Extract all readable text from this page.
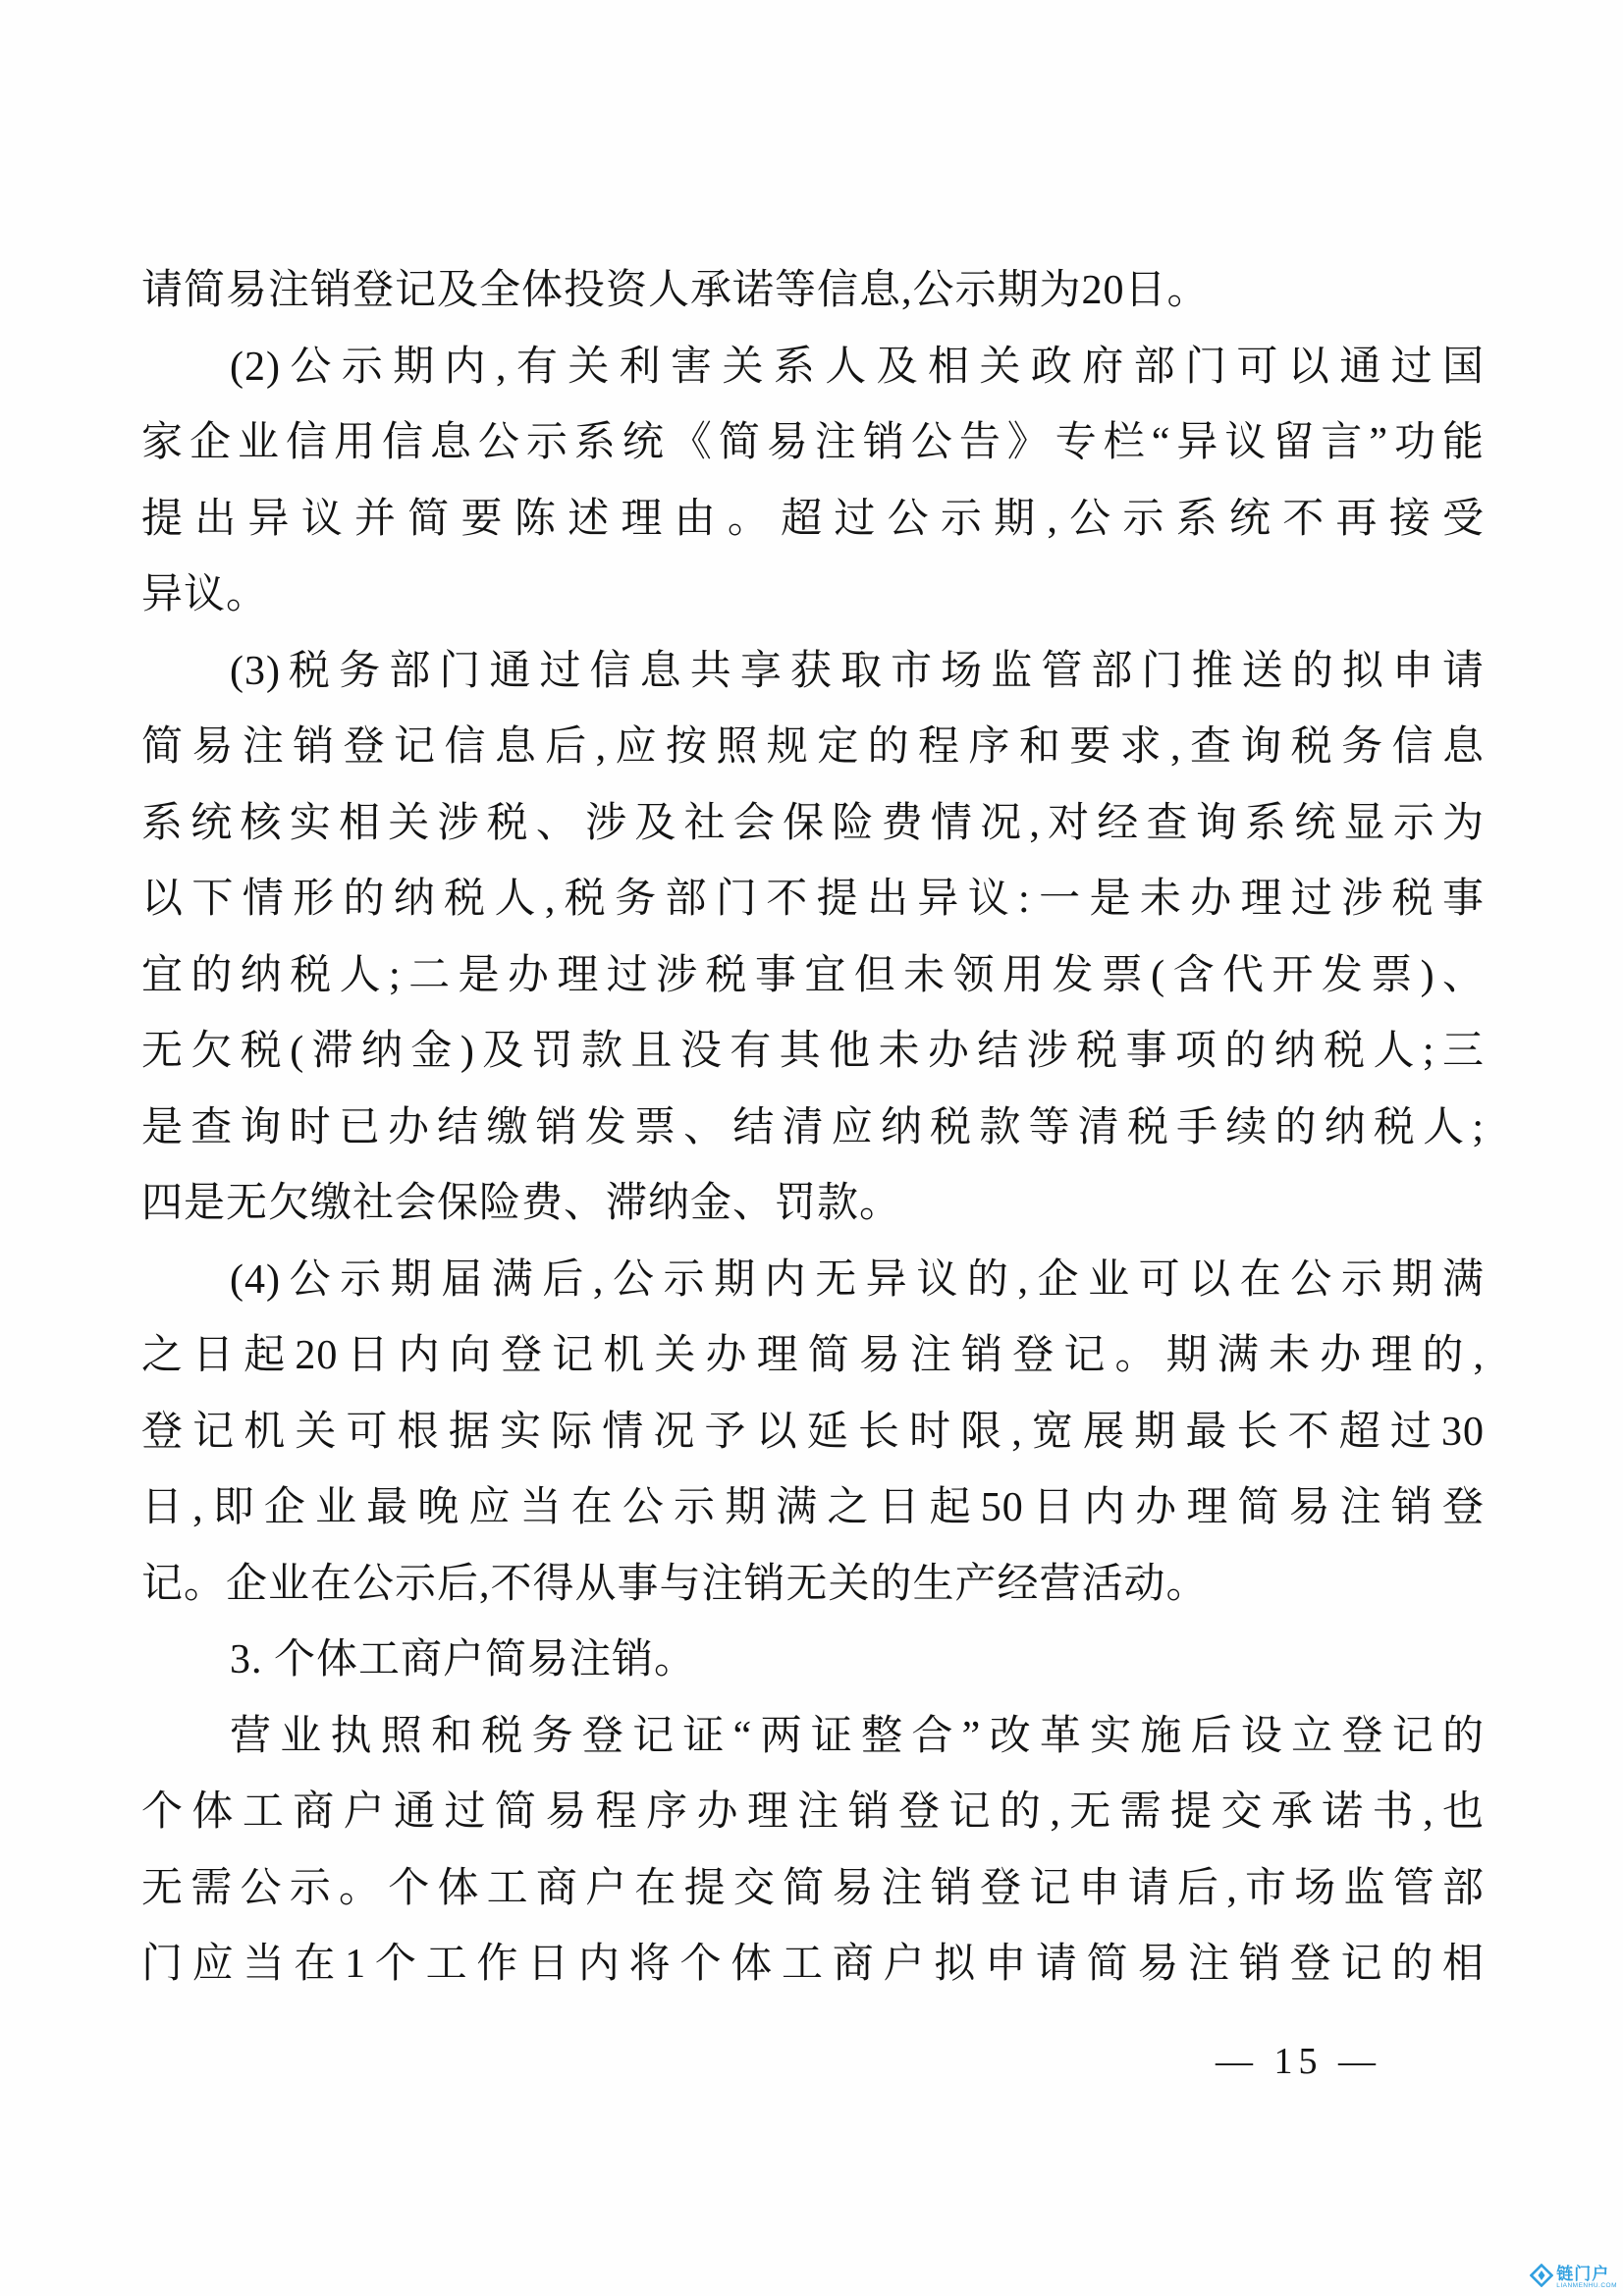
请简易注销登记及全体投资人承诺等信息,公示期为20日。
(2)公示期内,有关利害关系人及相关政府部门可以通过国
家企业信用信息公示系统《简易注销公告》专栏“异议留言”功能
提出异议并简要陈述理由。超过公示期,公示系统不再接受
异议。
(3)税务部门通过信息共享获取市场监管部门推送的拟申请
简易注销登记信息后,应按照规定的程序和要求,查询税务信息
系统核实相关涉税、涉及社会保险费情况,对经查询系统显示为
以下情形的纳税人,税务部门不提出异议:一是未办理过涉税事
宜的纳税人;二是办理过涉税事宜但未领用发票(含代开发票)、
无欠税(滞纳金)及罚款且没有其他未办结涉税事项的纳税人;三
是查询时已办结缴销发票、结清应纳税款等清税手续的纳税人;
四是无欠缴社会保险费、滞纳金、罚款。
(4)公示期届满后,公示期内无异议的,企业可以在公示期满
之日起20日内向登记机关办理简易注销登记。期满未办理的,
登记机关可根据实际情况予以延长时限,宽展期最长不超过30
日,即企业最晚应当在公示期满之日起50日内办理简易注销登
记。企业在公示后,不得从事与注销无关的生产经营活动。
3. 个体工商户简易注销。
营业执照和税务登记证“两证整合”改革实施后设立登记的
个体工商户通过简易程序办理注销登记的,无需提交承诺书,也
无需公示。个体工商户在提交简易注销登记申请后,市场监管部
门应当在1个工作日内将个体工商户拟申请简易注销登记的相
— 15 —
链门户
LIANMENHU.COM
